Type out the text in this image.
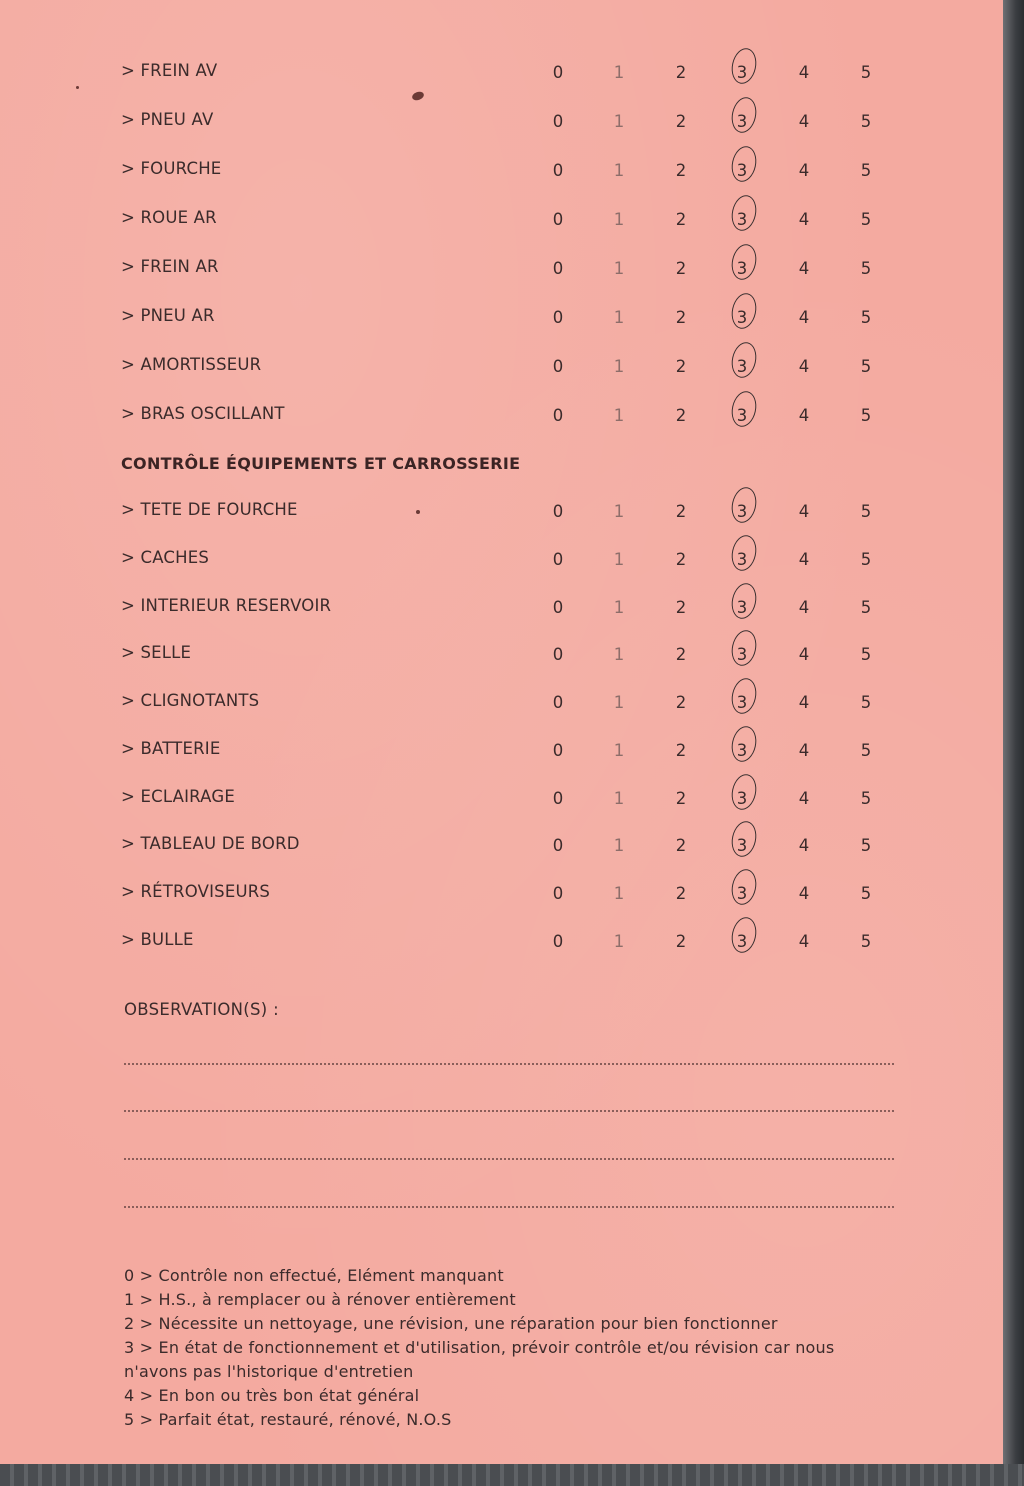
> FREIN AV	0	1	2	3	4	5
> PNEU AV	0	1	2	3	4	5
> FOURCHE	0	1	2	3	4	5
> ROUE AR	0	1	2	3	4	5
> FREIN AR	0	1	2	3	4	5
> PNEU AR	0	1	2	3	4	5
> AMORTISSEUR	0	1	2	3	4	5
> BRAS OSCILLANT	0	1	2	3	4	5
CONTRÔLE ÉQUIPEMENTS ET CARROSSERIE
> TETE DE FOURCHE	0	1	2	3	4	5
> CACHES	0	1	2	3	4	5
> INTERIEUR RESERVOIR	0	1	2	3	4	5
> SELLE	0	1	2	3	4	5
> CLIGNOTANTS	0	1	2	3	4	5
> BATTERIE	0	1	2	3	4	5
> ECLAIRAGE	0	1	2	3	4	5
> TABLEAU DE BORD	0	1	2	3	4	5
> RÉTROVISEURS	0	1	2	3	4	5
> BULLE	0	1	2	3	4	5
OBSERVATION(S) :
0 > Contrôle non effectué, Elément manquant
1 > H.S., à remplacer ou à rénover entièrement
2 > Nécessite un nettoyage, une révision, une réparation pour bien fonctionner
3 > En état de fonctionnement et d'utilisation, prévoir contrôle et/ou révision car nous
n'avons pas l'historique d'entretien
4 > En bon ou très bon état général
5 > Parfait état, restauré, rénové, N.O.S
